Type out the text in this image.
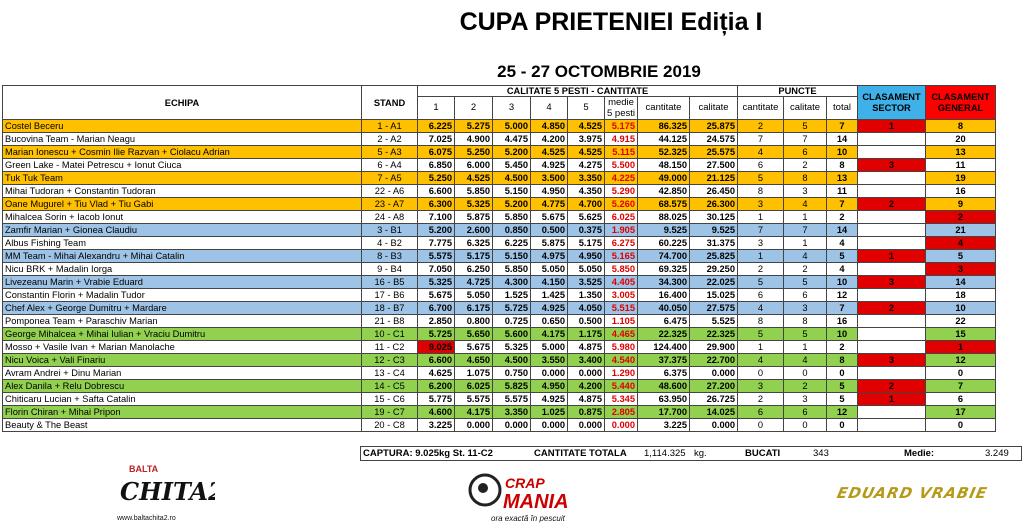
CUPA PRIETENIEI Ediția I
25 - 27 OCTOMBRIE 2019
ECHIPA	STAND	CALITATE 5 PESTI - CANTITATE								PUNCTE			CLASAMENT SECTOR	CLASAMENT GENERAL
		1	2	3	4	5	medie 5 pesti	cantitate	calitate	cantitate	calitate	total		

Costel Beceru	1 - A1	6.225	5.275	5.000	4.850	4.525	5.175	86.325	25.875	2	5	7	1	8
Bucovina Team - Marian Neagu	2 - A2	7.025	4.900	4.475	4.200	3.975	4.915	44.125	24.575	7	7	14		20
Marian Ionescu + Cosmin Ilie Razvan + Ciolacu Adrian	5 - A3	6.075	5.250	5.200	4.525	4.525	5.115	52.325	25.575	4	6	10		13
Green Lake - Matei Petrescu + Ionut Ciuca	6 - A4	6.850	6.000	5.450	4.925	4.275	5.500	48.150	27.500	6	2	8	3	11
Tuk Tuk Team	7 - A5	5.250	4.525	4.500	3.500	3.350	4.225	49.000	21.125	5	8	13		19
Mihai Tudoran + Constantin Tudoran	22 - A6	6.600	5.850	5.150	4.950	4.350	5.290	42.850	26.450	8	3	11		16
Oane Mugurel + Tiu Vlad + Tiu Gabi	23 - A7	6.300	5.325	5.200	4.775	4.700	5.260	68.575	26.300	3	4	7	2	9
Mihalcea Sorin + Iacob Ionut	24 - A8	7.100	5.875	5.850	5.675	5.625	6.025	88.025	30.125	1	1	2		2
Zamfir Marian + Gionea Claudiu	3 - B1	5.200	2.600	0.850	0.500	0.375	1.905	9.525	9.525	7	7	14		21
Albus Fishing Team	4 - B2	7.775	6.325	6.225	5.875	5.175	6.275	60.225	31.375	3	1	4		4
MM Team - Mihai Alexandru + Mihai Catalin	8 - B3	5.575	5.175	5.150	4.975	4.950	5.165	74.700	25.825	1	4	5	1	5
Nicu BRK + Madalin Iorga	9 - B4	7.050	6.250	5.850	5.050	5.050	5.850	69.325	29.250	2	2	4		3
Livezeanu Marin + Vrabie Eduard	16 - B5	5.325	4.725	4.300	4.150	3.525	4.405	34.300	22.025	5	5	10	3	14
Constantin Florin + Madalin Tudor	17 - B6	5.675	5.050	1.525	1.425	1.350	3.005	16.400	15.025	6	6	12		18
Chef Alex + George Dumitru + Mardare	18 - B7	6.700	6.175	5.725	4.925	4.050	5.515	40.050	27.575	4	3	7	2	10
Pomponea Team + Paraschiv Marian	21 - B8	2.850	0.800	0.725	0.650	0.500	1.105	6.475	5.525	8	8	16		22
George Mihalcea + Mihai Iulian + Vraciu Dumitru	10 - C1	5.725	5.650	5.600	4.175	1.175	4.465	22.325	22.325	5	5	10		15
Mosso + Vasile Ivan + Marian Manolache	11 - C2	9.025	5.675	5.325	5.000	4.875	5.980	124.400	29.900	1	1	2		1
Nicu Voica + Vali Finariu	12 - C3	6.600	4.650	4.500	3.550	3.400	4.540	37.375	22.700	4	4	8	3	12
Avram Andrei + Dinu Marian	13 - C4	4.625	1.075	0.750	0.000	0.000	1.290	6.375	0.000	0	0	0		0
Alex Danila + Relu Dobrescu	14 - C5	6.200	6.025	5.825	4.950	4.200	5.440	48.600	27.200	3	2	5	2	7
Chiticaru Lucian + Safta Catalin	15 - C6	5.775	5.575	5.575	4.925	4.875	5.345	63.950	26.725	2	3	5	1	6
Florin Chiran + Mihai Pripon	19 - C7	4.600	4.175	3.350	1.025	0.875	2.805	17.700	14.025	6	6	12		17
Beauty & The Beast	20 - C8	3.225	0.000	0.000	0.000	0.000	0.000	3.225	0.000	0	0	0		0
CAPTURA: 9.025kg St. 11-C2	CANTITATE TOTALA 1,114.325 kg.	BUCATI	343	Medie:	3.249
BALTA
CHITA2
www.baltachita2.ro
CRAP
MANIA
ora exactă în pescuit
EDUARD VRABIE
